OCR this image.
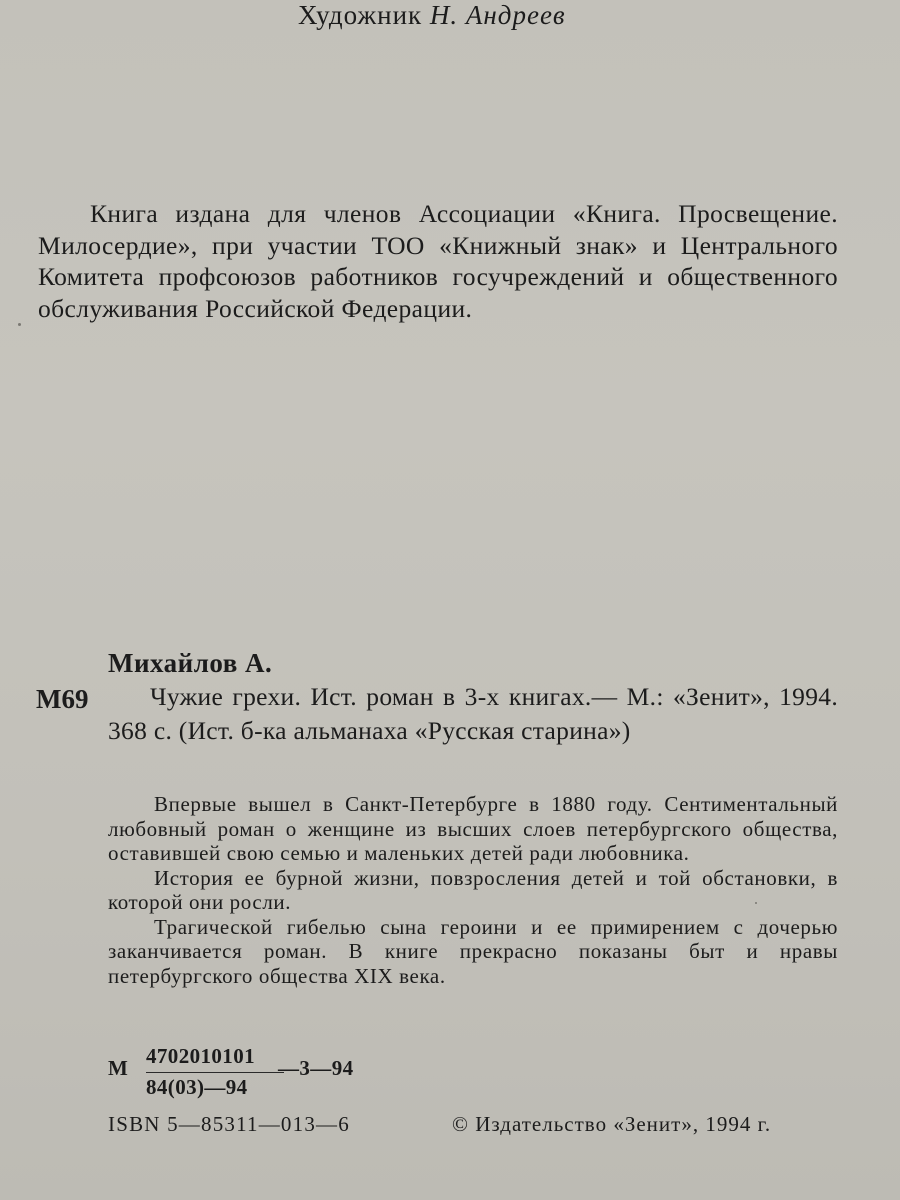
Художник Н. Андреев

Книга издана для членов Ассоциации «Книга. Просвещение. Милосердие», при участии ТОО «Книжный знак» и Центрального Комитета профсоюзов работников госучреждений и общественного обслуживания Российской Федерации.

Михайлов А.
М69	Чужие грехи. Ист. роман в 3-х книгах.— М.: «Зенит», 1994. 368 с. (Ист. б-ка альманаха «Русская старина»)

Впервые вышел в Санкт-Петербурге в 1880 году. Сентиментальный любовный роман о женщине из высших слоев петербургского общества, оставившей свою семью и маленьких детей ради любовника.

История ее бурной жизни, повзросления детей и той обстановки, в которой они росли.

Трагической гибелью сына героини и ее примирением с дочерью заканчивается роман. В книге прекрасно показаны быт и нравы петербургского общества XIX века.

М $\frac{4702010101}{84(03)—94}$
—3—94
ISBN 5—85311—013—6	© Издательство «Зенит», 1994 г.
